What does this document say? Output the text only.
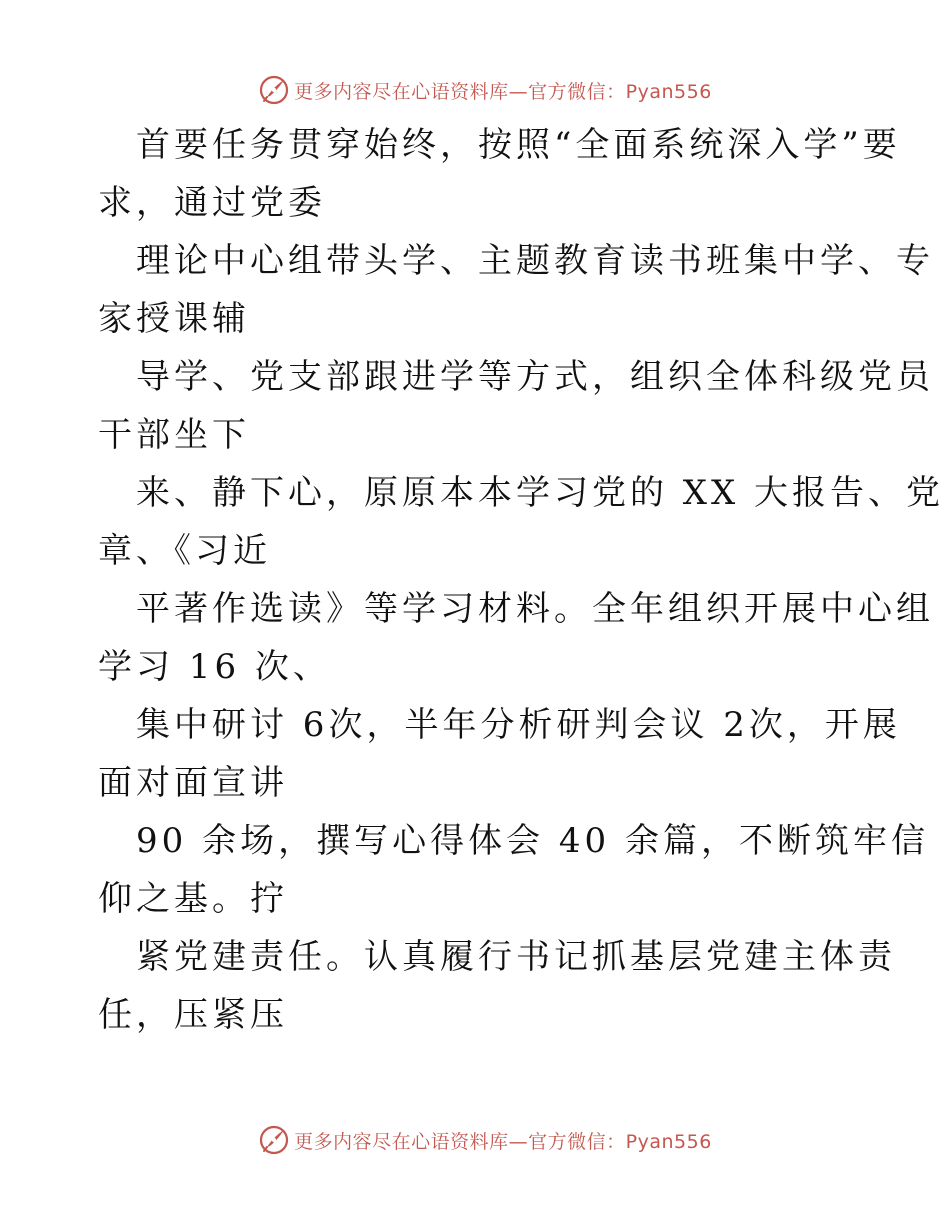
更多内容尽在心语资料库—官方微信：Pyan556
首要任务贯穿始终，按照“全面系统深入学”要
求，通过党委
理论中心组带头学、主题教育读书班集中学、专
家授课辅
导学、党支部跟进学等方式，组织全体科级党员
干部坐下
来、静下心，原原本本学习党的 XX 大报告、党
章、《习近
平著作选读》等学习材料。全年组织开展中心组
学习 16 次、
集中研讨 6次，半年分析研判会议 2次，开展
面对面宣讲
90 余场，撰写心得体会 40 余篇，不断筑牢信
仰之基。拧
紧党建责任。认真履行书记抓基层党建主体责
任，压紧压
更多内容尽在心语资料库—官方微信：Pyan556
